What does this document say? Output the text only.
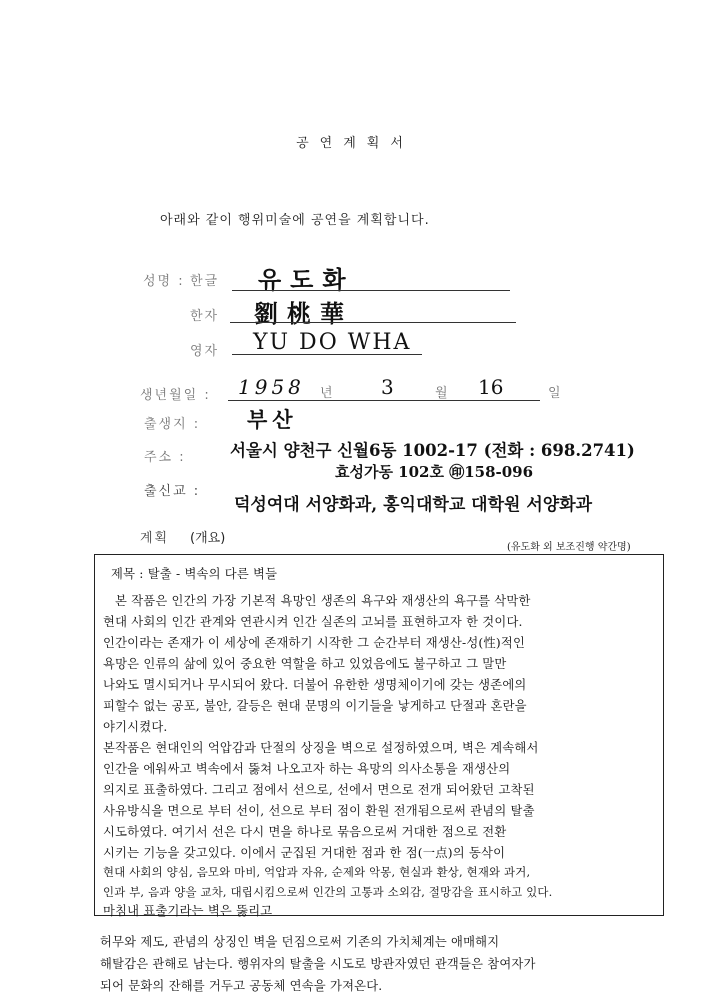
공연계획서
아래와 같이 행위미술에 공연을 계획합니다.
성명 : 한글 유도화
한자 劉桃華
영자 YU DO WHA
생년월일 : 1958 년 3	월 16	일
출생지 : 부산
주소 :	서울시 양천구 신월6동 1002-17 (전화 : 698.2741)
효성가동 102호 ㊞158-096
출신교 :
덕성여대 서양화과, 홍익대학교 대학원 서양화과
계획 (개요)
(유도화 외 보조진행 약간명)
제목 : 탈출 - 벽속의 다른 벽들
본 작품은 인간의 가장 기본적 욕망인 생존의 욕구와 재생산의 욕구를 삭막한
현대 사회의 인간 관계와 연관시켜 인간 실존의 고뇌를 표현하고자 한 것이다.
인간이라는 존재가 이 세상에 존재하기 시작한 그 순간부터 재생산-성(性)적인
욕망은 인류의 삶에 있어 중요한 역할을 하고 있었음에도 불구하고 그 말만
나와도 멸시되거나 무시되어 왔다. 더불어 유한한 생명체이기에 갖는 생존에의
피할수 없는 공포, 불안, 갈등은 현대 문명의 이기들을 낳게하고 단절과 혼란을
야기시켰다.
본작품은 현대인의 억압감과 단절의 상징을 벽으로 설정하였으며, 벽은 계속해서
인간을 에워싸고 벽속에서 뚫쳐 나오고자 하는 욕망의 의사소통을 재생산의
의지로 표출하였다. 그리고 점에서 선으로, 선에서 면으로 전개 되어왔던 고착된
사유방식을 면으로 부터 선이, 선으로 부터 점이 환원 전개됨으로써 관념의 탈출
시도하였다. 여기서 선은 다시 면을 하나로 묶음으로써 거대한 점으로 전환
시키는 기능을 갖고있다. 이에서 군집된 거대한 점과 한 점(一点)의 동삭이
현대 사회의 양심, 음모와 마비, 억압과 자유, 순제와 악몽, 현실과 환상, 현재와 과거,
인과 부, 음과 양을 교차, 대립시킴으로써 인간의 고통과 소외감, 절망감을 표시하고 있다.
마침내 표출기라는 벽은 뚫리고
허무와 제도, 관념의 상징인 벽을 던짐으로써 기존의 가치체계는 애매해지
해탈감은 관해로 남는다. 행위자의 탈출을 시도로 방관자였던 관객들은 참여자가
되어 문화의 잔해를 거두고 공동체 연속을 가져온다.
